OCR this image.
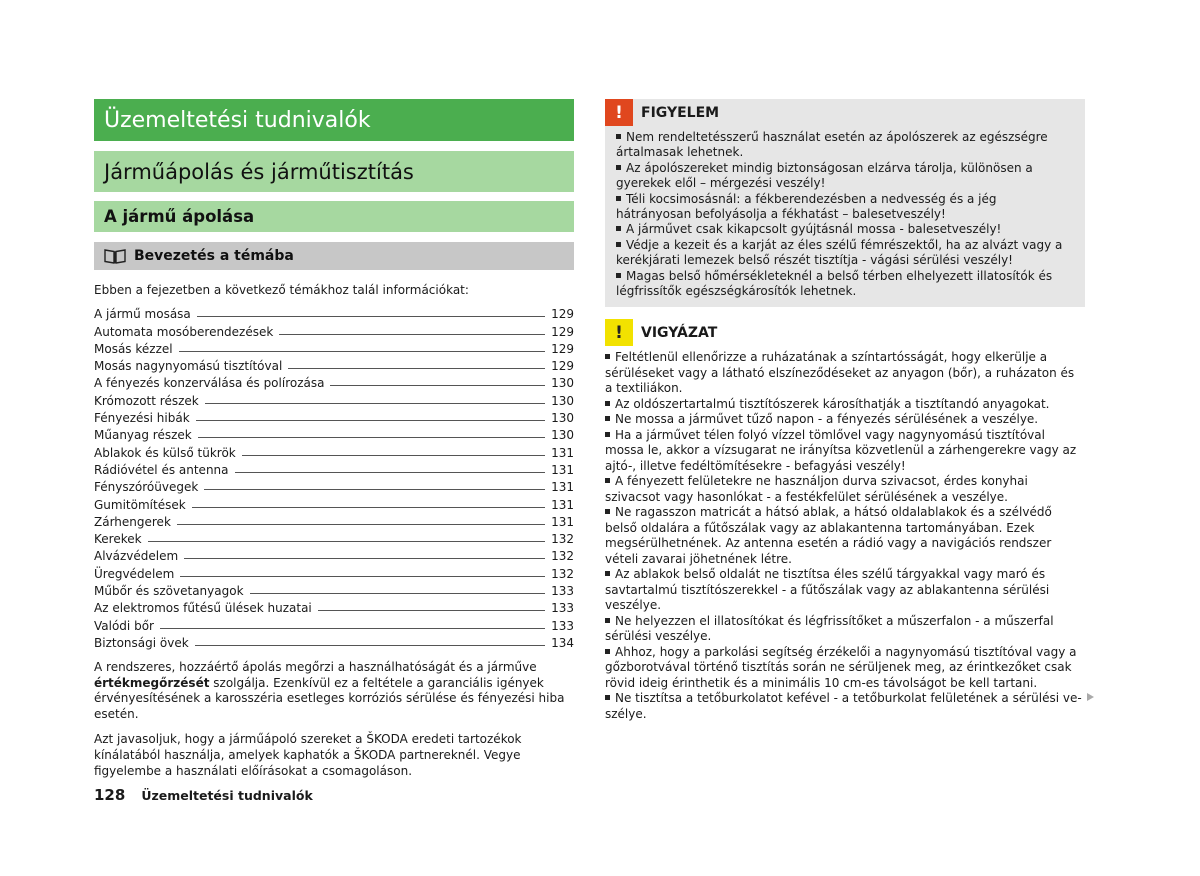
Üzemeltetési tudnivalók
Járműápolás és járműtisztítás
A jármű ápolása
Bevezetés a témába
Ebben a fejezetben a következő témákhoz talál információkat:
A jármű mosása	129
Automata mosóberendezések	129
Mosás kézzel	129
Mosás nagynyomású tisztítóval	129
A fényezés konzerválása és polírozása	130
Krómozott részek	130
Fényezési hibák	130
Műanyag részek	130
Ablakok és külső tükrök	131
Rádióvétel és antenna	131
Fényszóróüvegek	131
Gumitömítések	131
Zárhengerek	131
Kerekek	132
Alvázvédelem	132
Üregvédelem	132
Műbőr és szövetanyagok	133
Az elektromos fűtésű ülések huzatai	133
Valódi bőr	133
Biztonsági övek	134
A rendszeres, hozzáértő ápolás megőrzi a használhatóságát és a járműve értékmegőrzését szolgálja. Ezenkívül ez a feltétele a garanciális igények érvényesítésének a karosszéria esetleges korróziós sérülése és fényezési hiba esetén.
Azt javasoljuk, hogy a járműápoló szereket a ŠKODA eredeti tartozékok kínálatából használja, amelyek kaphatók a ŠKODA partnereknél. Vegye figyelembe a használati előírásokat a csomagoláson.
128 Üzemeltetési tudnivalók
!	FIGYELEM
Nem rendeltetésszerű használat esetén az ápolószerek az egészségre ártalmasak lehetnek.
Az ápolószereket mindig biztonságosan elzárva tárolja, különösen a gyerekek elől – mérgezési veszély!
Téli kocsimosásnál: a fékberendezésben a nedvesség és a jég hátrányosan befolyásolja a fékhatást – balesetveszély!
A járművet csak kikapcsolt gyújtásnál mossa - balesetveszély!
Védje a kezeit és a karját az éles szélű fémrészektől, ha az alvázt vagy a kerékjárati lemezek belső részét tisztítja - vágási sérülési veszély!
Magas belső hőmérsékleteknél a belső térben elhelyezett illatosítók és légfrissítők egészségkárosítók lehetnek.
!	VIGYÁZAT
Feltétlenül ellenőrizze a ruházatának a színtartósságát, hogy elkerülje a sérüléseket vagy a látható elszíneződéseket az anyagon (bőr), a ruházaton és a textiliákon.
Az oldószertartalmú tisztítószerek károsíthatják a tisztítandó anyagokat.
Ne mossa a járművet tűző napon - a fényezés sérülésének a veszélye.
Ha a járművet télen folyó vízzel tömlővel vagy nagynyomású tisztítóval mossa le, akkor a vízsugarat ne irányítsa közvetlenül a zárhengerekre vagy az ajtó-, illetve fedéltömítésekre - befagyási veszély!
A fényezett felületekre ne használjon durva szivacsot, érdes konyhai szivacsot vagy hasonlókat - a festékfelület sérülésének a veszélye.
Ne ragasszon matricát a hátsó ablak, a hátsó oldalablakok és a szélvédő belső oldalára a fűtőszálak vagy az ablakantenna tartományában. Ezek megsérülhetnének. Az antenna esetén a rádió vagy a navigációs rendszer vételi zavarai jöhetnének létre.
Az ablakok belső oldalát ne tisztítsa éles szélű tárgyakkal vagy maró és savtartalmú tisztítószerekkel - a fűtőszálak vagy az ablakantenna sérülési veszélye.
Ne helyezzen el illatosítókat és légfrissítőket a műszerfalon - a műszerfal sérülési veszélye.
Ahhoz, hogy a parkolási segítség érzékelői a nagynyomású tisztítóval vagy a gőzborotvával történő tisztítás során ne sérüljenek meg, az érintkezőket csak rövid ideig érinthetik és a minimális 10 cm-es távolságot be kell tartani.
Ne tisztítsa a tetőburkolatot kefével - a tetőburkolat felületének a sérülési veszélye.
